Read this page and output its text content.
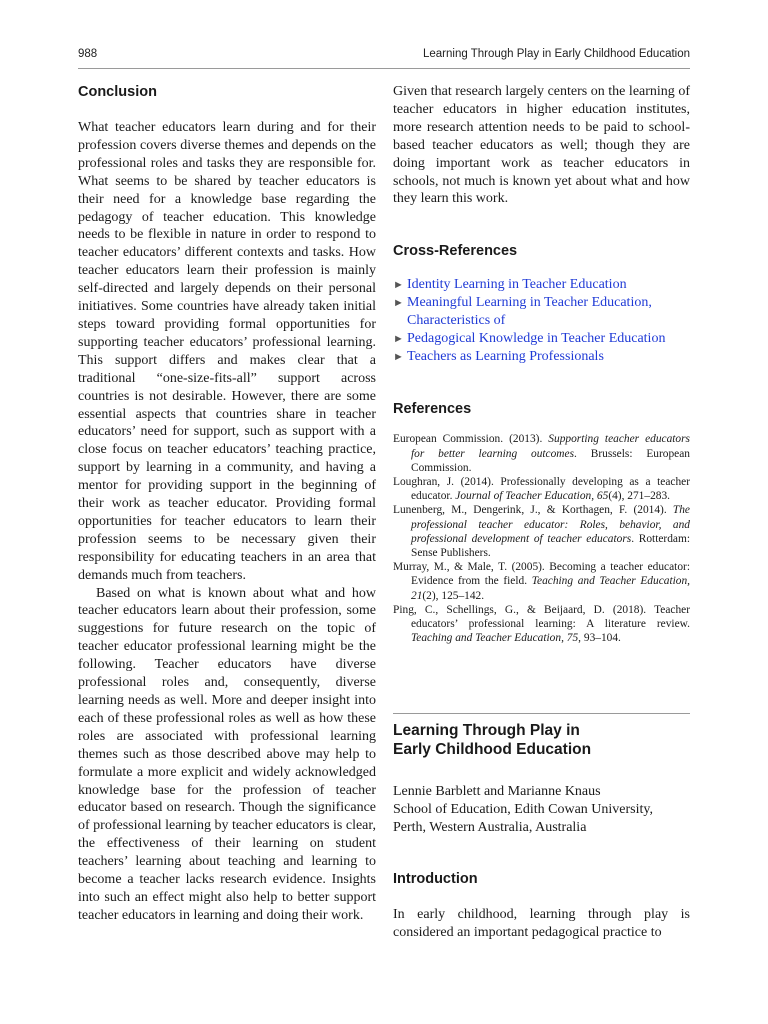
988	Learning Through Play in Early Childhood Education
Conclusion

What teacher educators learn during and for their profession covers diverse themes and depends on the professional roles and tasks they are responsible for. What seems to be shared by teacher educators is their need for a knowledge base regarding the pedagogy of teacher education. This knowledge needs to be flexible in nature in order to respond to teacher educators’ different contexts and tasks. How teacher educators learn their profession is mainly self-directed and largely depends on their personal initiatives. Some countries have already taken initial steps toward providing formal opportunities for supporting teacher educators’ professional learning. This support differs and makes clear that a traditional “one-size-fits-all” support across countries is not desirable. However, there are some essential aspects that countries share in teacher educators’ need for support, such as support with a close focus on teacher educators’ teaching practice, support by learning in a community, and having a mentor for providing support in the beginning of their work as teacher educator. Providing formal opportunities for teacher educators to learn their profession seems to be necessary given their responsibility for educating teachers in an area that demands much from teachers.

Based on what is known about what and how teacher educators learn about their profession, some suggestions for future research on the topic of teacher educator professional learning might be the following. Teacher educators have diverse professional roles and, consequently, diverse learning needs as well. More and deeper insight into each of these professional roles as well as how these roles are associated with professional learning themes such as those described above may help to formulate a more explicit and widely acknowledged knowledge base for the profession of teacher educator based on research. Though the significance of professional learning by teacher educators is clear, the effectiveness of their learning on student teachers’ learning about teaching and learning to become a teacher lacks research evidence. Insights into such an effect might also help to better support teacher educators in learning and doing their work.

Given that research largely centers on the learning of teacher educators in higher education institutes, more research attention needs to be paid to school-based teacher educators as well; though they are doing important work as teacher educators in schools, not much is known yet about what and how they learn this work.

Cross-References
► Identity Learning in Teacher Education
► Meaningful Learning in Teacher Education, Characteristics of
► Pedagogical Knowledge in Teacher Education
► Teachers as Learning Professionals
References
European Commission. (2013). Supporting teacher educators for better learning outcomes. Brussels: European Commission.
Loughran, J. (2014). Professionally developing as a teacher educator. Journal of Teacher Education, 65(4), 271–283.
Lunenberg, M., Dengerink, J., & Korthagen, F. (2014). The professional teacher educator: Roles, behavior, and professional development of teacher educators. Rotterdam: Sense Publishers.
Murray, M., & Male, T. (2005). Becoming a teacher educator: Evidence from the field. Teaching and Teacher Education, 21(2), 125–142.
Ping, C., Schellings, G., & Beijaard, D. (2018). Teacher educators’ professional learning: A literature review. Teaching and Teacher Education, 75, 93–104.
Learning Through Play in
Early Childhood Education
Lennie Barblett and Marianne Knaus
School of Education, Edith Cowan University,
Perth, Western Australia, Australia
Introduction

In early childhood, learning through play is considered an important pedagogical practice to
